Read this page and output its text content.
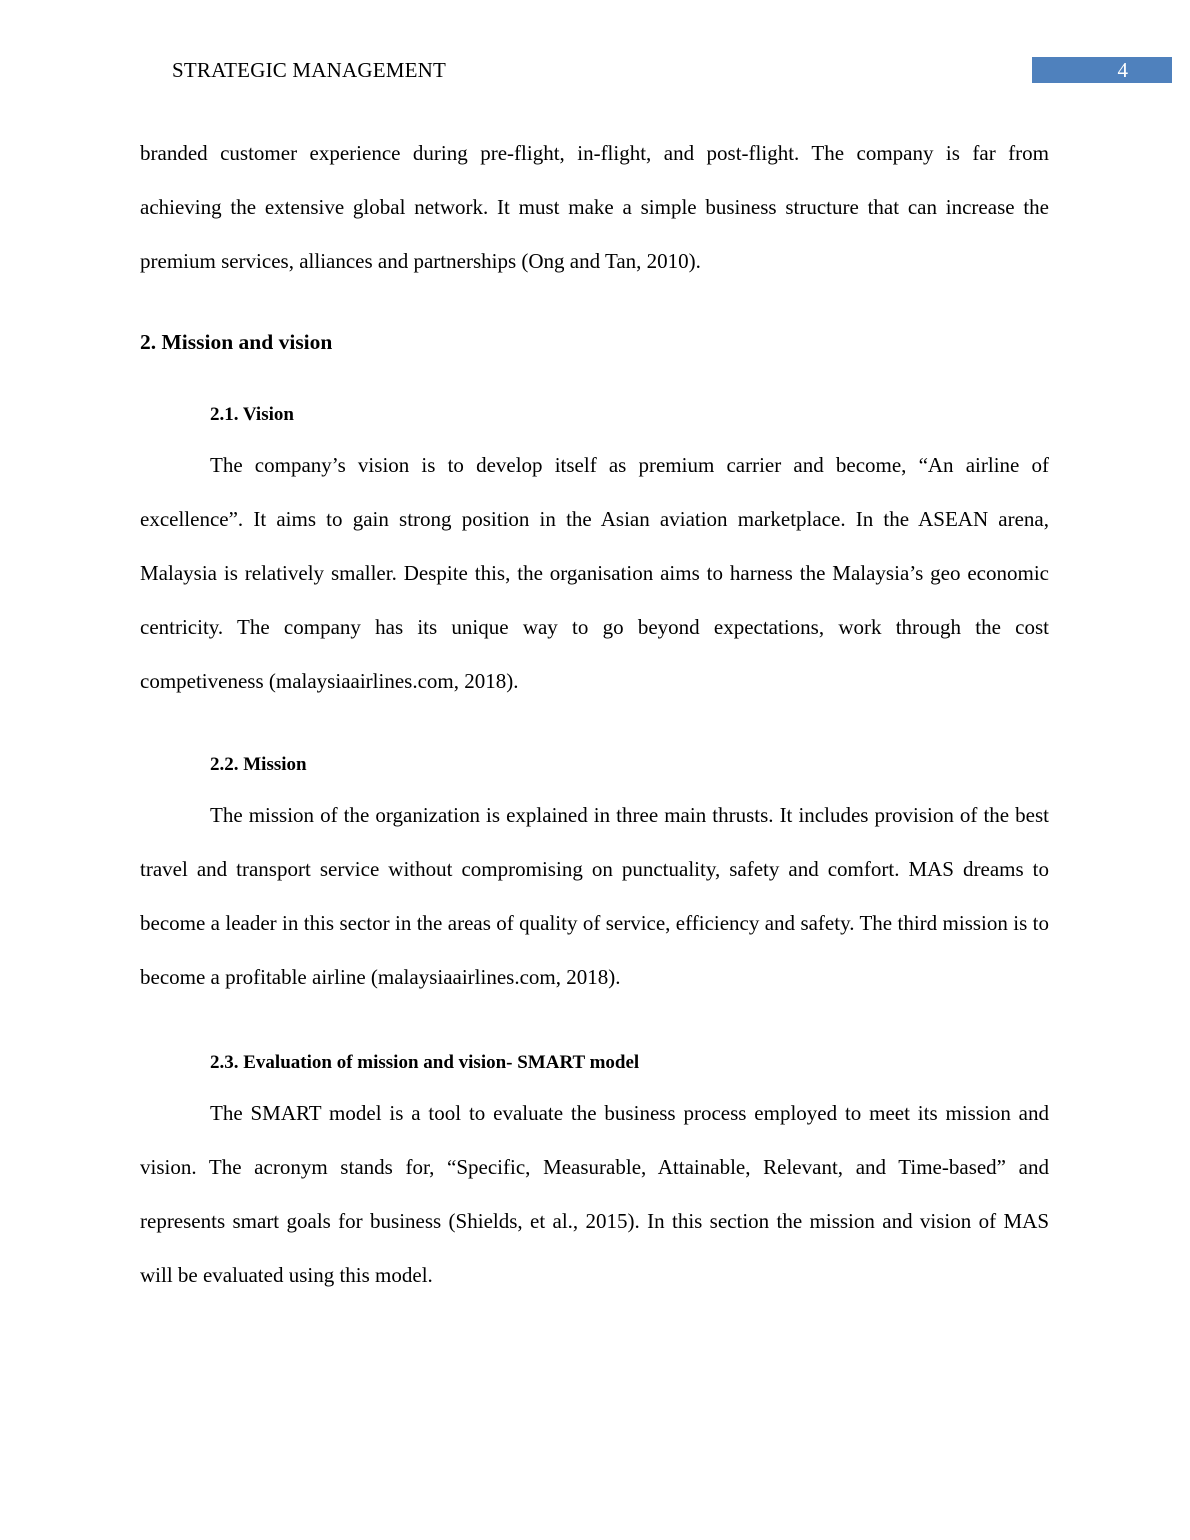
STRATEGIC MANAGEMENT	4

branded customer experience during pre-flight, in-flight, and post-flight. The company is far from achieving the extensive global network. It must make a simple business structure that can increase the premium services, alliances and partnerships (Ong and Tan, 2010).

2. Mission and vision
2.1. Vision

The company’s vision is to develop itself as premium carrier and become, “An airline of excellence”. It aims to gain strong position in the Asian aviation marketplace. In the ASEAN arena, Malaysia is relatively smaller. Despite this, the organisation aims to harness the Malaysia’s geo economic centricity. The company has its unique way to go beyond expectations, work through the cost competiveness (malaysiaairlines.com, 2018).

2.2. Mission

The mission of the organization is explained in three main thrusts. It includes provision of the best travel and transport service without compromising on punctuality, safety and comfort. MAS dreams to become a leader in this sector in the areas of quality of service, efficiency and safety. The third mission is to become a profitable airline (malaysiaairlines.com, 2018).

2.3. Evaluation of mission and vision- SMART model

The SMART model is a tool to evaluate the business process employed to meet its mission and vision. The acronym stands for, “Specific, Measurable, Attainable, Relevant, and Time-based” and represents smart goals for business (Shields, et al., 2015). In this section the mission and vision of MAS will be evaluated using this model.
